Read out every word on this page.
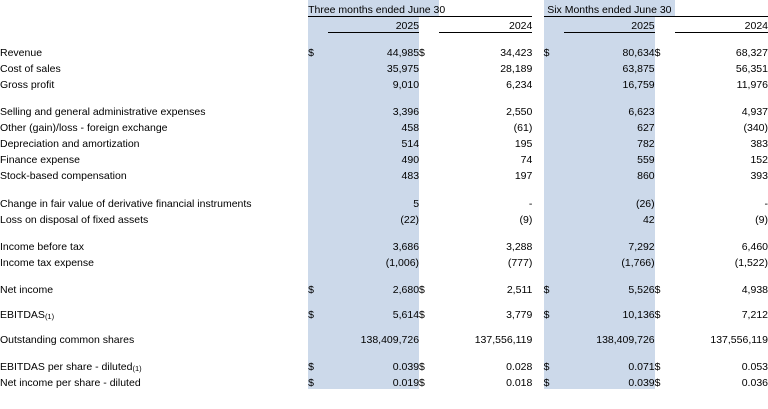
	Three months ended June 30					Six Months ended June 30			
		2025		2024			2025		2024

Revenue	$	44,985	$	34,423		$	80,634	$	68,327
Cost of sales		35,975		28,189			63,875		56,351
Gross profit		9,010		6,234			16,759		11,976

Selling and general administrative expenses		3,396		2,550			6,623		4,937
Other (gain)/loss - foreign exchange		458		(61)			627		(340)
Depreciation and amortization		514		195			782		383
Finance expense		490		74			559		152
Stock-based compensation		483		197			860		393
Change in fair value of derivative financial instruments		5		-			(26)		-
Loss on disposal of fixed assets		(22)		(9)			42		(9)

Income before tax		3,686		3,288			7,292		6,460
Income tax expense		(1,006)		(777)			(1,766)		(1,522)

Net income	$	2,680	$	2,511		$	5,526	$	4,938

EBITDAS(1)	$	5,614	$	3,779		$	10,136	$	7,212

Outstanding common shares		138,409,726		137,556,119			138,409,726		137,556,119

EBITDAS per share - diluted(1)	$	0.039	$	0.028		$	0.071	$	0.053
Net income per share - diluted	$	0.019	$	0.018		$	0.039	$	0.036
